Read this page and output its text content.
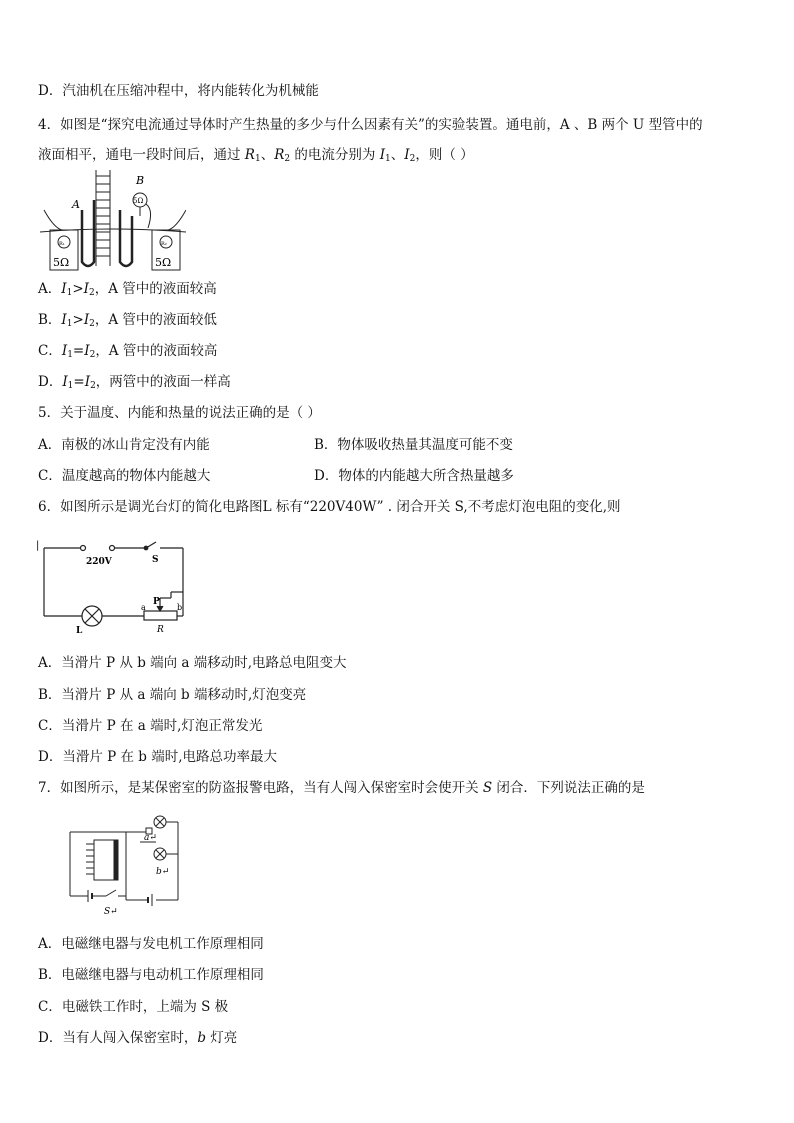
D．汽油机在压缩冲程中，将内能转化为机械能
4．如图是“探究电流通过导体时产生热量的多少与什么因素有关”的实验装置。通电前，A 、B 两个 U 型管中的
液面相平，通电一段时间后，通过 $R_1$、$R_2$ 的电流分别为 $I_1$、$I_2$，则（ ）
A
B
5Ω
R₁	R₂
5Ω	5Ω
A．$I_1>I_2$，A 管中的液面较高
B．$I_1>I_2$，A 管中的液面较低
C．$I_1=I_2$，A 管中的液面较高
D．$I_1=I_2$，两管中的液面一样高
5．关于温度、内能和热量的说法正确的是（ ）
A．南极的冰山肯定没有内能	B．物体吸收热量其温度可能不变
C．温度越高的物体内能越大	D．物体的内能越大所含热量越多
6．如图所示是调光台灯的简化电路图L 标有“220V40W” . 闭合开关 S,不考虑灯泡电阻的变化,则
|
220V	S
L
P
a	b
R
A．当滑片 P 从 b 端向 a 端移动时,电路总电阻变大
B．当滑片 P 从 a 端向 b 端移动时,灯泡变亮
C．当滑片 P 在 a 端时,灯泡正常发光
D．当滑片 P 在 b 端时,电路总功率最大
7．如图所示，是某保密室的防盗报警电路，当有人闯入保密室时会使开关 S 闭合．下列说法正确的是
a↵
b↵
S↵
A．电磁继电器与发电机工作原理相同
B．电磁继电器与电动机工作原理相同
C．电磁铁工作时，上端为 S 极
D．当有人闯入保密室时，b 灯亮
